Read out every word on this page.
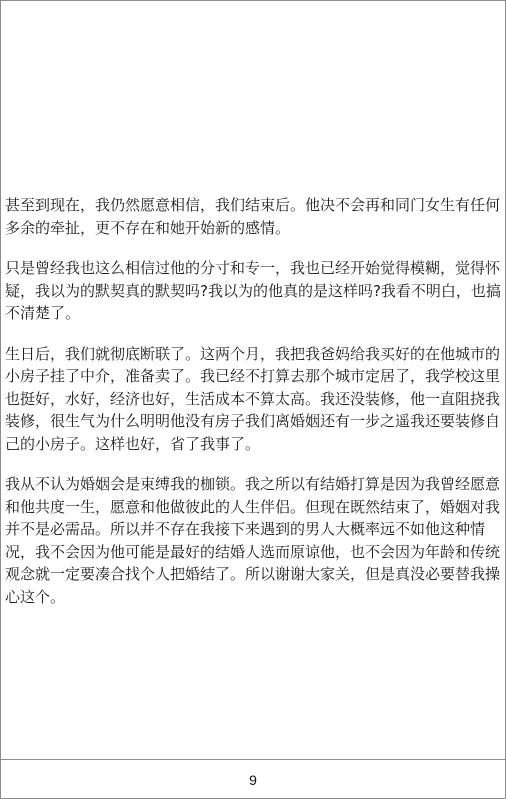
甚至到现在，我仍然愿意相信，我们结束后。他决不会再和同门女生有任何多余的牵扯，更不存在和她开始新的感情。

只是曾经我也这么相信过他的分寸和专一，我也已经开始觉得模糊，觉得怀疑，我以为的默契真的默契吗?我以为的他真的是这样吗?我看不明白，也搞不清楚了。

生日后，我们就彻底断联了。这两个月，我把我爸妈给我买好的在他城市的小房子挂了中介，准备卖了。我已经不打算去那个城市定居了，我学校这里也挺好，水好，经济也好，生活成本不算太高。我还没装修，他一直阻挠我装修，很生气为什么明明他没有房子我们离婚姻还有一步之遥我还要装修自己的小房子。这样也好，省了我事了。

我从不认为婚姻会是束缚我的枷锁。我之所以有结婚打算是因为我曾经愿意和他共度一生，愿意和他做彼此的人生伴侣。但现在既然结束了，婚姻对我并不是必需品。所以并不存在我接下来遇到的男人大概率远不如他这种情况，我不会因为他可能是最好的结婚人选而原谅他，也不会因为年龄和传统观念就一定要凑合找个人把婚结了。所以谢谢大家关，但是真没必要替我操心这个。

9
